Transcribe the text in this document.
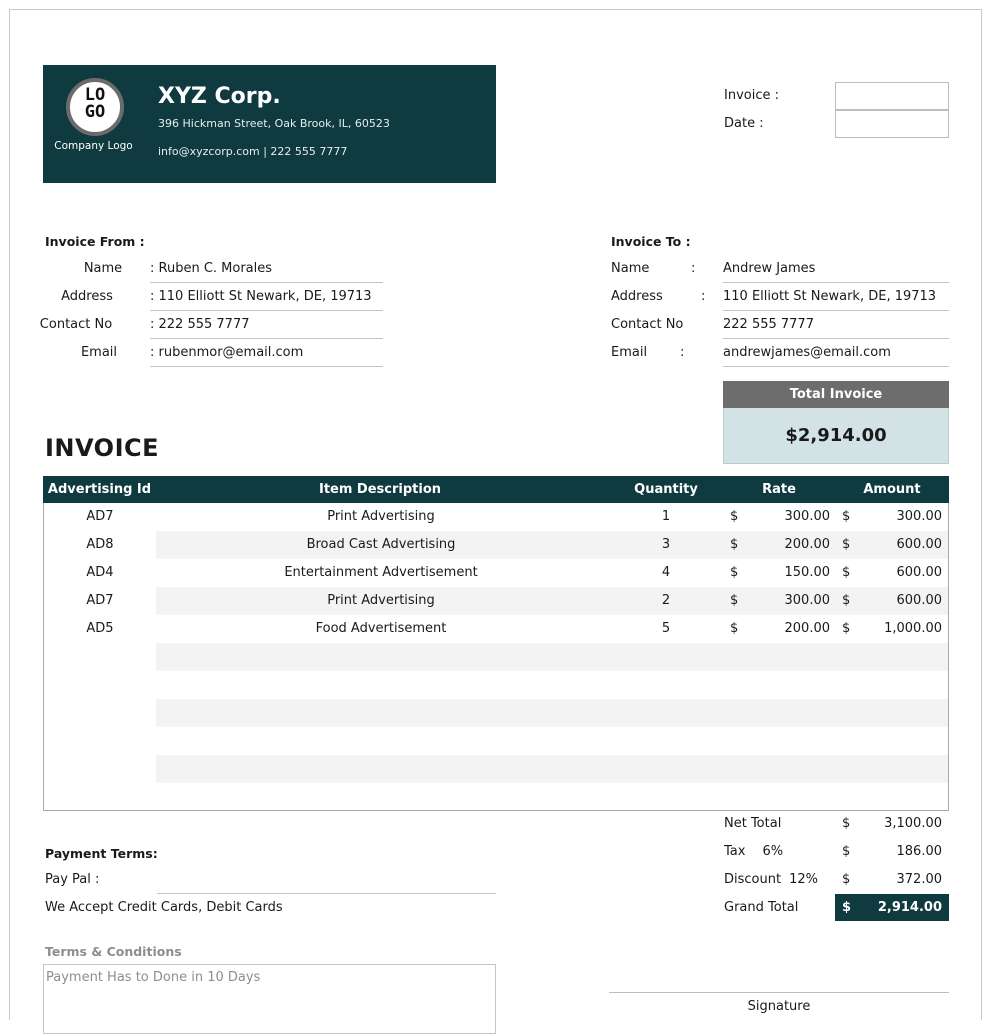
LO
GO
Company Logo
XYZ Corp.
396 Hickman Street, Oak Brook, IL, 60523
info@xyzcorp.com | 222 555 7777
Invoice :
Date :
Invoice From :
Name	: Ruben C. Morales
Address	: 110 Elliott St Newark, DE, 19713
Contact No	: 222 555 7777
Email	: rubenmor@email.com
Invoice To :
Name	: Andrew James
Address	: 110 Elliott St Newark, DE, 19713
Contact No	222 555 7777
Email	:	andrewjames@email.com
Total Invoice
$2,914.00
INVOICE
Advertising Id	Item Description	Quantity	Rate	Amount
AD7	Print Advertising	1	$	300.00 $	300.00
AD8	Broad Cast Advertising	3	$	200.00 $	600.00
AD4	Entertainment Advertisement	4	$	150.00 $	600.00
AD7	Print Advertising	2	$	300.00 $	600.00
AD5	Food Advertisement	5	$	200.00 $	1,000.00
Net Total	$	3,100.00
Tax 6%	$	186.00
Discount 12% $	372.00
Grand Total	$	2,914.00
Payment Terms:
Pay Pal :
We Accept Credit Cards, Debit Cards
Terms & Conditions
Payment Has to Done in 10 Days
Signature
